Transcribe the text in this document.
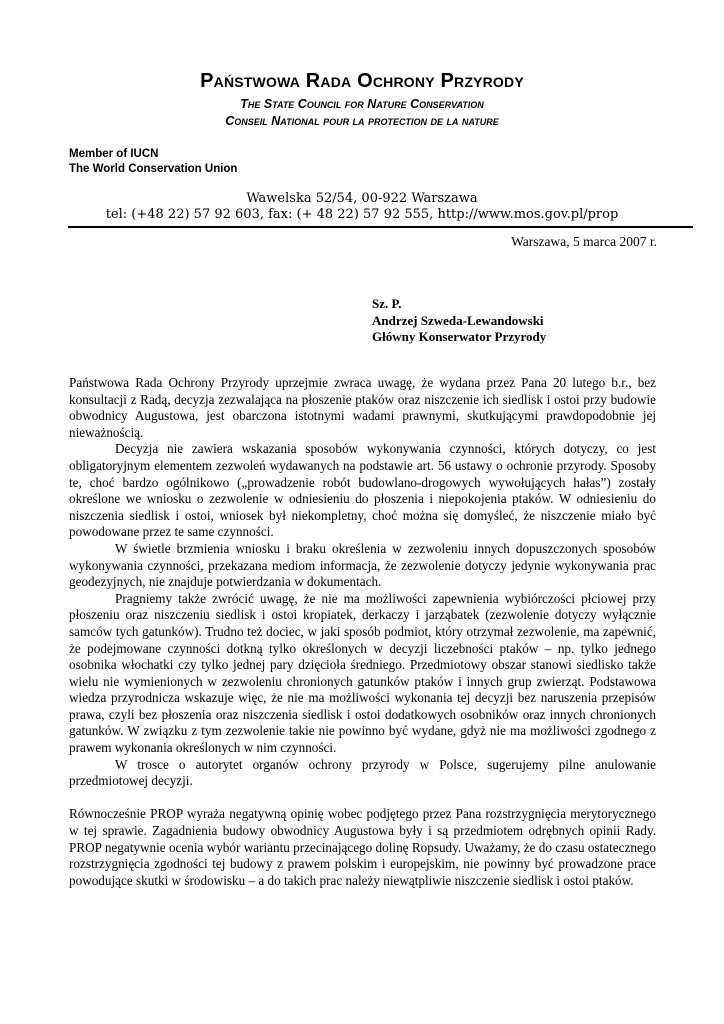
Państwowa Rada Ochrony Przyrody

The State Council for Nature Conservation

Conseil National pour la protection de la nature

Member of IUCN
The World Conservation Union
Wawelska 52/54, 00-922 Warszawa
tel: (+48 22) 57 92 603, fax: (+ 48 22) 57 92 555, http://www.mos.gov.pl/prop
Warszawa, 5 marca 2007 r.
Sz. P.
Andrzej Szweda-Lewandowski
Główny Konserwator Przyrody

Państwowa Rada Ochrony Przyrody uprzejmie zwraca uwagę, że wydana przez Pana 20 lutego b.r., bez konsultacji z Radą, decyzja zezwalająca na płoszenie ptaków oraz niszczenie ich siedlisk i ostoi przy budowie obwodnicy Augustowa, jest obarczona istotnymi wadami prawnymi, skutkującymi prawdopodobnie jej nieważnością.

Decyzja nie zawiera wskazania sposobów wykonywania czynności, których dotyczy, co jest obligatoryjnym elementem zezwoleń wydawanych na podstawie art. 56 ustawy o ochronie przyrody. Sposoby te, choć bardzo ogólnikowo („prowadzenie robót budowlano-drogowych wywołujących hałas”) zostały określone we wniosku o zezwolenie w odniesieniu do płoszenia i niepokojenia ptaków. W odniesieniu do niszczenia siedlisk i ostoi, wniosek był niekompletny, choć można się domyśleć, że niszczenie miało być powodowane przez te same czynności.

W świetle brzmienia wniosku i braku określenia w zezwoleniu innych dopuszczonych sposobów wykonywania czynności, przekazana mediom informacja, że zezwolenie dotyczy jedynie wykonywania prac geodezyjnych, nie znajduje potwierdzania w dokumentach.

Pragniemy także zwrócić uwagę, że nie ma możliwości zapewnienia wybiórczości płciowej przy płoszeniu oraz niszczeniu siedlisk i ostoi kropiatek, derkaczy i jarząbatek (zezwolenie dotyczy wyłącznie samców tych gatunków). Trudno też dociec, w jaki sposób podmiot, który otrzymał zezwolenie, ma zapewnić, że podejmowane czynności dotkną tylko określonych w decyzji liczebności ptaków – np. tylko jednego osobnika włochatki czy tylko jednej pary dzięcioła średniego. Przedmiotowy obszar stanowi siedlisko także wielu nie wymienionych w zezwoleniu chronionych gatunków ptaków i innych grup zwierząt. Podstawowa wiedza przyrodnicza wskazuje więc, że nie ma możliwości wykonania tej decyzji bez naruszenia przepisów prawa, czyli bez płoszenia oraz niszczenia siedlisk i ostoi dodatkowych osobników oraz innych chronionych gatunków. W związku z tym zezwolenie takie nie powinno być wydane, gdyż nie ma możliwości zgodnego z prawem wykonania określonych w nim czynności.

W trosce o autorytet organów ochrony przyrody w Polsce, sugerujemy pilne anulowanie przedmiotowej decyzji.

Równocześnie PROP wyraża negatywną opinię wobec podjętego przez Pana rozstrzygnięcia merytorycznego w tej sprawie. Zagadnienia budowy obwodnicy Augustowa były i są przedmiotem odrębnych opinii Rady. PROP negatywnie ocenia wybór wariantu przecinającego dolinę Ropsudy. Uważamy, że do czasu ostatecznego rozstrzygnięcia zgodności tej budowy z prawem polskim i europejskim, nie powinny być prowadzone prace powodujące skutki w środowisku – a do takich prac należy niewątpliwie niszczenie siedlisk i ostoi ptaków.
